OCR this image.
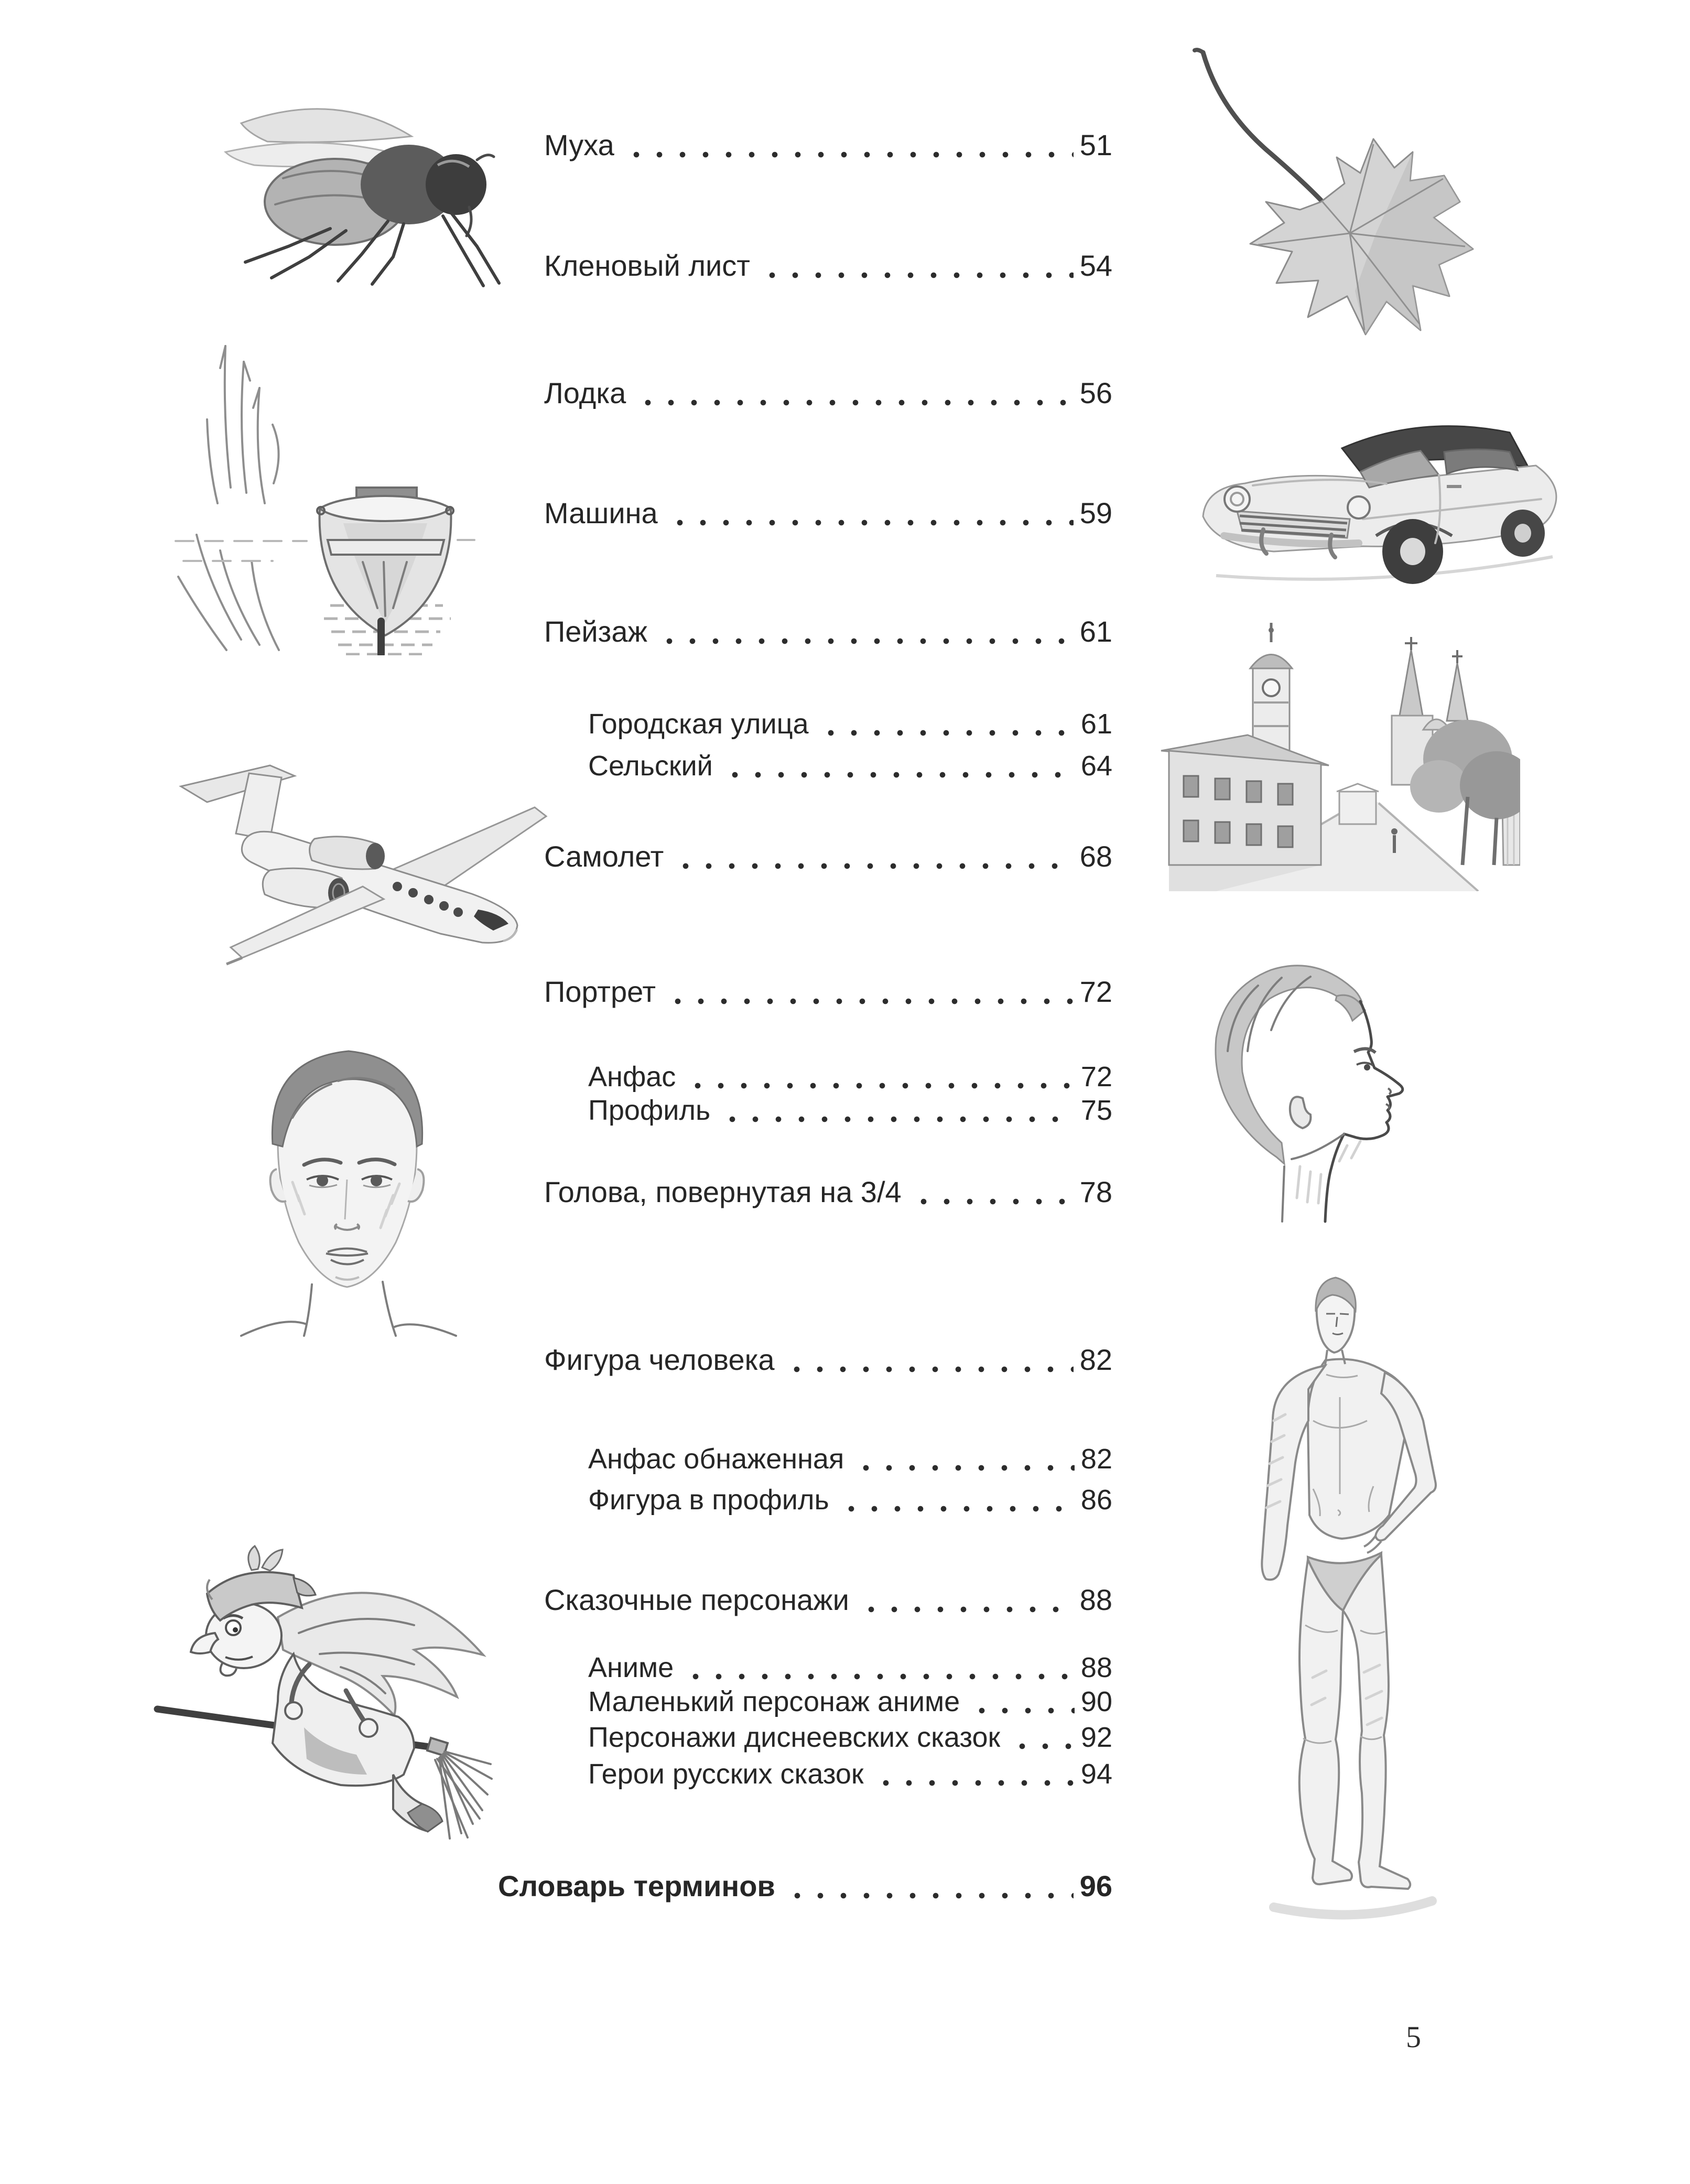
Муха	51
Кленовый лист	54
Лодка	56
Машина	59
Пейзаж	61
Городская улица	61
Сельский	64
Самолет	68
Портрет	72
Анфас	72
Профиль	75
Голова, повернутая на 3/4	78
Фигура человека	82
Анфас обнаженная	82
Фигура в профиль	86
Сказочные персонажи	88
Аниме	88
Маленький персонаж аниме	90
Персонажи диснеевских сказок	92
Герои русских сказок	94
Словарь терминов	96
5
